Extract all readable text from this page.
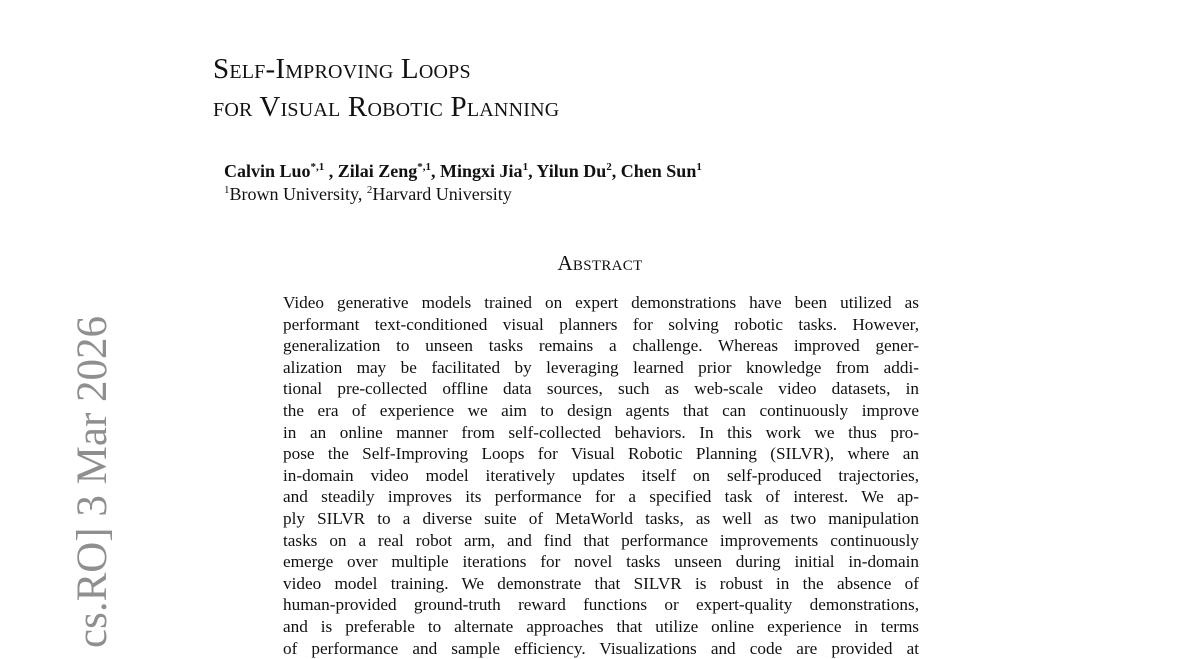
Self-Improving Loops
for Visual Robotic Planning
Calvin Luo$^{*,1}$ , Zilai Zeng$^{*,1}$, Mingxi Jia$^1$, Yilun Du$^2$, Chen Sun$^1$
$^1$Brown University, $^2$Harvard University
Abstract
Video generative models trained on expert demonstrations have been utilized as
performant text-conditioned visual planners for solving robotic tasks. However,
generalization to unseen tasks remains a challenge. Whereas improved gener-
alization may be facilitated by leveraging learned prior knowledge from addi-
tional pre-collected offline data sources, such as web-scale video datasets, in
the era of experience we aim to design agents that can continuously improve
in an online manner from self-collected behaviors. In this work we thus pro-
pose the Self-Improving Loops for Visual Robotic Planning (SILVR), where an
in-domain video model iteratively updates itself on self-produced trajectories,
and steadily improves its performance for a specified task of interest. We ap-
ply SILVR to a diverse suite of MetaWorld tasks, as well as two manipulation
tasks on a real robot arm, and find that performance improvements continuously
emerge over multiple iterations for novel tasks unseen during initial in-domain
video model training. We demonstrate that SILVR is robust in the absence of
human-provided ground-truth reward functions or expert-quality demonstrations,
and is preferable to alternate approaches that utilize online experience in terms
of performance and sample efficiency. Visualizations and code are provided at
cs.RO] 3 Mar 2026
